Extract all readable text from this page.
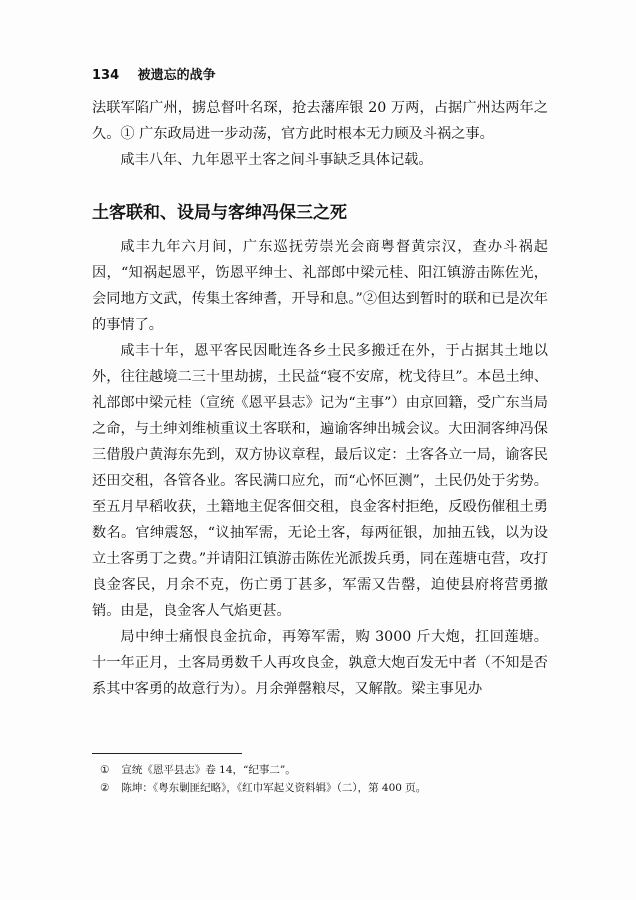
134 被遗忘的战争

法联军陷广州，掳总督叶名琛，抢去藩库银 20 万两，占据广州达两年之久。① 广东政局进一步动荡，官方此时根本无力顾及斗祸之事。

咸丰八年、九年恩平土客之间斗事缺乏具体记载。

土客联和、设局与客绅冯保三之死

咸丰九年六月间，广东巡抚劳崇光会商粤督黄宗汉，查办斗祸起因，“知祸起恩平，饬恩平绅士、礼部郎中梁元桂、阳江镇游击陈佐光，会同地方文武，传集土客绅耆，开导和息。”②但达到暂时的联和已是次年的事情了。

咸丰十年，恩平客民因毗连各乡土民多搬迁在外，于占据其土地以外，往往越境二三十里劫掳，土民益“寝不安席，枕戈待旦”。本邑土绅、礼部郎中梁元桂（宣统《恩平县志》记为“主事”）由京回籍，受广东当局之命，与土绅刘维桢重议土客联和，遍谕客绅出城会议。大田洞客绅冯保三借殷户黄海东先到，双方协议章程，最后议定：土客各立一局，谕客民还田交租，各管各业。客民满口应允，而“心怀叵测”，土民仍处于劣势。至五月早稻收获，土籍地主促客佃交租，良金客村拒绝，反殴伤催租土勇数名。官绅震怒，“议抽军需，无论土客，每两征银，加抽五钱，以为设立土客勇丁之费。”并请阳江镇游击陈佐光派拨兵勇，同在莲塘屯营，攻打良金客民，月余不克，伤亡勇丁甚多，军需又告罄，迫使县府将营勇撤销。由是，良金客人气焰更甚。

局中绅士痛恨良金抗命，再筹军需，购 3000 斤大炮，扛回莲塘。十一年正月，土客局勇数千人再攻良金，孰意大炮百发无中者（不知是否系其中客勇的故意行为）。月余弹罄粮尽，又解散。梁主事见办

① 宣统《恩平县志》卷 14，“纪事二”。
② 陈坤：《粤东剿匪纪略》，《红巾军起义资料辑》（二），第 400 页。
